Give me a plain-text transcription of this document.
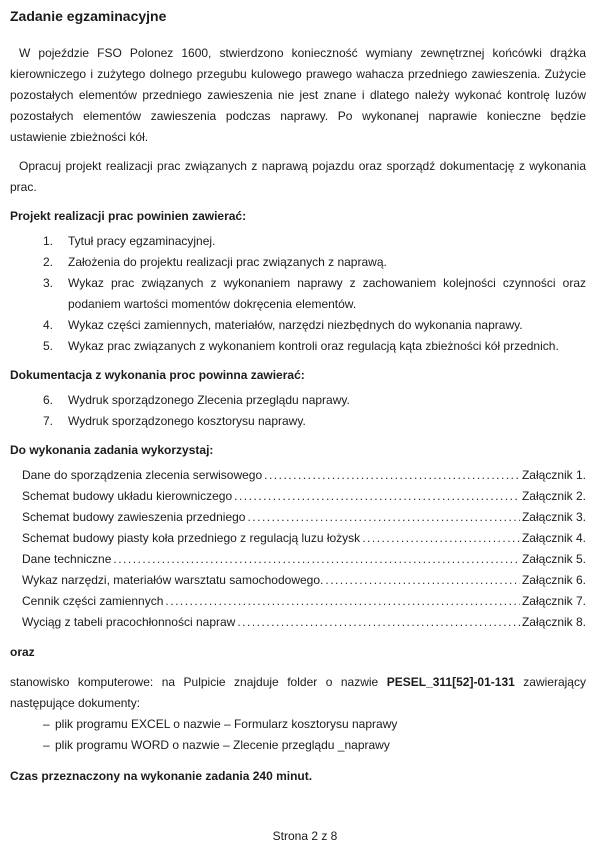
Zadanie egzaminacyjne

W pojeździe FSO Polonez 1600, stwierdzono konieczność wymiany zewnętrznej końcówki drążka kierowniczego i zużytego dolnego przegubu kulowego prawego wahacza przedniego zawieszenia. Zużycie pozostałych elementów przedniego zawieszenia nie jest znane i dlatego należy wykonać kontrolę luzów pozostałych elementów zawieszenia podczas naprawy. Po wykonanej naprawie konieczne będzie ustawienie zbieżności kół.

Opracuj projekt realizacji prac związanych z naprawą pojazdu oraz sporządź dokumentację z wykonania prac.

Projekt realizacji prac powinien zawierać:
1.	Tytuł pracy egzaminacyjnej.
2.	Założenia do projektu realizacji prac związanych z naprawą.
3.	Wykaz prac związanych z wykonaniem naprawy z zachowaniem kolejności czynności oraz podaniem wartości momentów dokręcenia elementów.
4.	Wykaz części zamiennych, materiałów, narzędzi niezbędnych do wykonania naprawy.
5.	Wykaz prac związanych z wykonaniem kontroli oraz regulacją kąta zbieżności kół przednich.
Dokumentacja z wykonania proc powinna zawierać:
6.	Wydruk sporządzonego Zlecenia przeglądu naprawy.
7.	Wydruk sporządzonego kosztorysu naprawy.
Do wykonania zadania wykorzystaj:
Dane do sporządzenia zlecenia serwisowego .....	Załącznik 1.
Schemat budowy układu kierowniczego .....	Załącznik 2.
Schemat budowy zawieszenia przedniego .....	Załącznik 3.
Schemat budowy piasty koła przedniego z regulacją luzu łożysk .....	Załącznik 4.
Dane techniczne .....	Załącznik 5.
Wykaz narzędzi, materiałów warsztatu samochodowego. .....	Załącznik 6.
Cennik części zamiennych .....	Załącznik 7.
Wyciąg z tabeli pracochłonności napraw .....	Załącznik 8.

oraz

stanowisko komputerowe: na Pulpicie znajduje folder o nazwie PESEL_311[52]-01-131 zawierający następujące dokumenty:

– plik programu EXCEL o nazwie – Formularz kosztorysu naprawy
– plik programu WORD o nazwie – Zlecenie przeglądu _naprawy

Czas przeznaczony na wykonanie zadania 240 minut.

Strona 2 z 8
